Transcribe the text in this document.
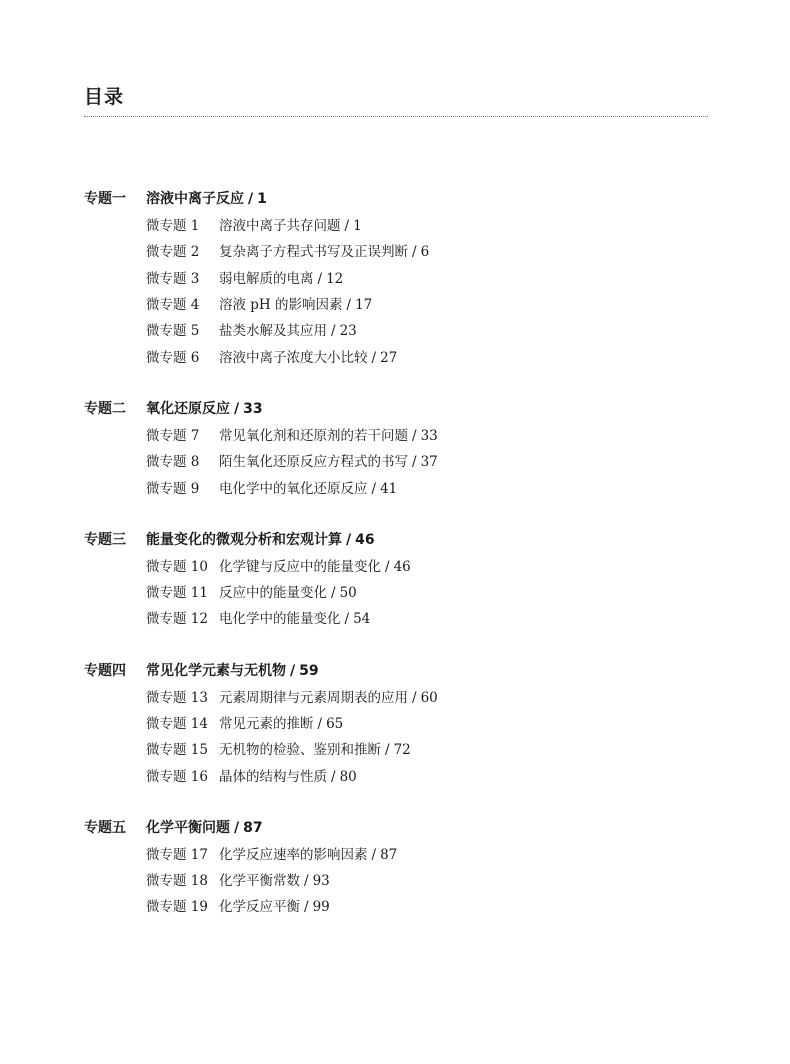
目录
专题一	溶液中离子反应 / 1
微专题 1	溶液中离子共存问题 / 1
微专题 2	复杂离子方程式书写及正误判断 / 6
微专题 3	弱电解质的电离 / 12
微专题 4	溶液 pH 的影响因素 / 17
微专题 5	盐类水解及其应用 / 23
微专题 6	溶液中离子浓度大小比较 / 27
专题二	氧化还原反应 / 33
微专题 7	常见氧化剂和还原剂的若干问题 / 33
微专题 8	陌生氧化还原反应方程式的书写 / 37
微专题 9	电化学中的氧化还原反应 / 41
专题三	能量变化的微观分析和宏观计算 / 46
微专题 10 化学键与反应中的能量变化 / 46
微专题 11 反应中的能量变化 / 50
微专题 12 电化学中的能量变化 / 54
专题四	常见化学元素与无机物 / 59
微专题 13 元素周期律与元素周期表的应用 / 60
微专题 14 常见元素的推断 / 65
微专题 15 无机物的检验、鉴别和推断 / 72
微专题 16 晶体的结构与性质 / 80
专题五	化学平衡问题 / 87
微专题 17 化学反应速率的影响因素 / 87
微专题 18 化学平衡常数 / 93
微专题 19 化学反应平衡 / 99
